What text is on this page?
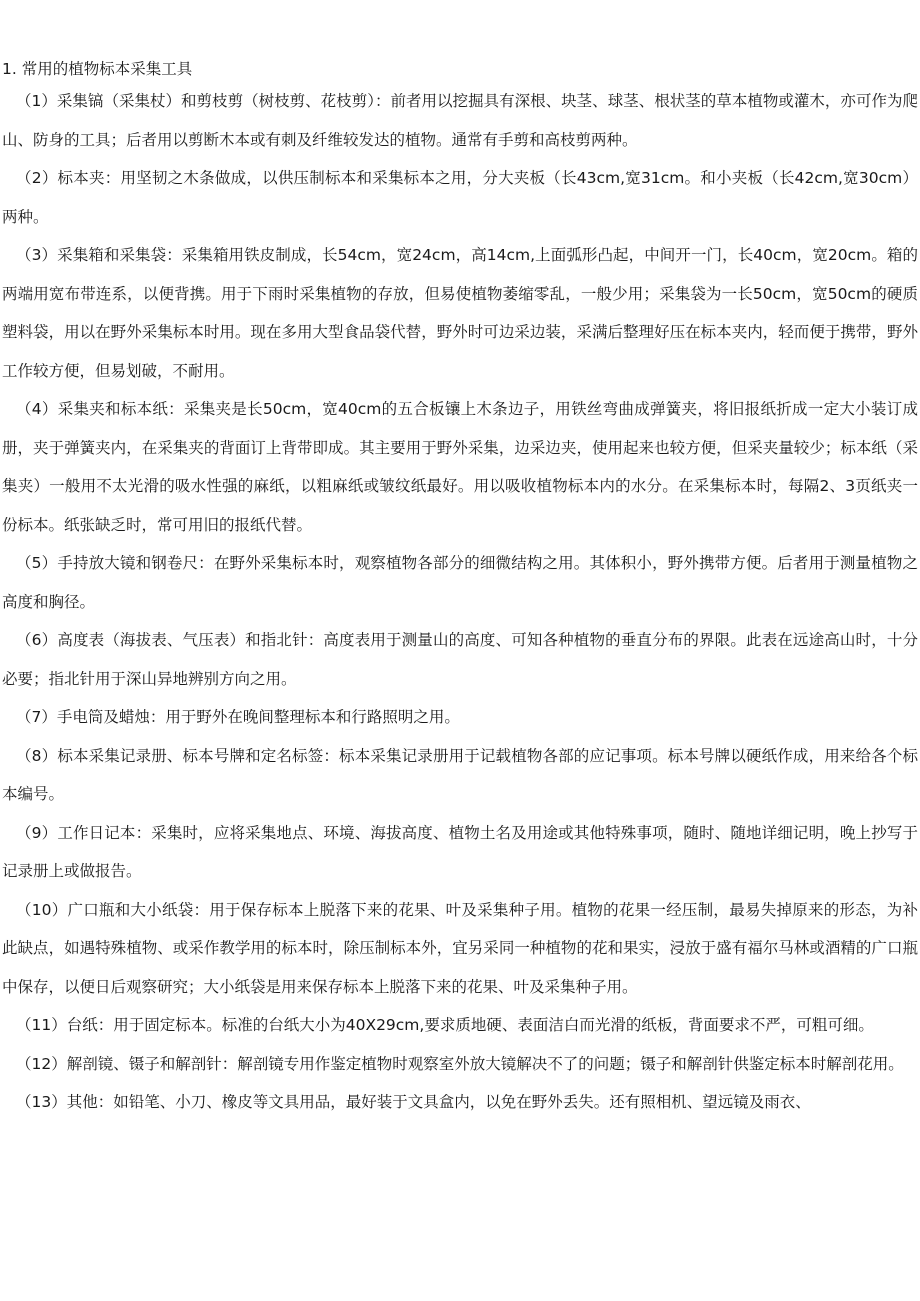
1. 常用的植物标本采集工具

（1）采集镐（采集杖）和剪枝剪（树枝剪、花枝剪）：前者用以挖掘具有深根、块茎、球茎、根状茎的草本植物或灌木，亦可作为爬山、防身的工具；后者用以剪断木本或有刺及纤维较发达的植物。通常有手剪和高枝剪两种。

（2）标本夹：用坚韧之木条做成，以供压制标本和采集标本之用，分大夹板（长43cm,宽31cm。和小夹板（长42cm,宽30cm）两种。

（3）采集箱和采集袋：采集箱用铁皮制成，长54cm，宽24cm，高14cm,上面弧形凸起，中间开一门，长40cm，宽20cm。箱的两端用宽布带连系，以便背携。用于下雨时采集植物的存放，但易使植物萎缩零乱，一般少用；采集袋为一长50cm，宽50cm的硬质塑料袋，用以在野外采集标本时用。现在多用大型食品袋代替，野外时可边采边装，采满后整理好压在标本夹内，轻而便于携带，野外工作较方便，但易划破，不耐用。

（4）采集夹和标本纸：采集夹是长50cm，宽40cm的五合板镶上木条边子，用铁丝弯曲成弹簧夹，将旧报纸折成一定大小装订成册，夹于弹簧夹内，在采集夹的背面订上背带即成。其主要用于野外采集，边采边夹，使用起来也较方便，但采夹量较少；标本纸（采集夹）一般用不太光滑的吸水性强的麻纸，以粗麻纸或皱纹纸最好。用以吸收植物标本内的水分。在采集标本时，每隔2、3页纸夹一份标本。纸张缺乏时，常可用旧的报纸代替。

（5）手持放大镜和钢卷尺：在野外采集标本时，观察植物各部分的细微结构之用。其体积小，野外携带方便。后者用于测量植物之高度和胸径。

（6）高度表（海拔表、气压表）和指北针：高度表用于测量山的高度、可知各种植物的垂直分布的界限。此表在远途高山时，十分必要；指北针用于深山异地辨别方向之用。

（7）手电筒及蜡烛：用于野外在晚间整理标本和行路照明之用。

（8）标本采集记录册、标本号牌和定名标签：标本采集记录册用于记载植物各部的应记事项。标本号牌以硬纸作成，用来给各个标本编号。

（9）工作日记本：采集时，应将采集地点、环境、海拔高度、植物土名及用途或其他特殊事项，随时、随地详细记明，晚上抄写于记录册上或做报告。

（10）广口瓶和大小纸袋：用于保存标本上脱落下来的花果、叶及采集种子用。植物的花果一经压制，最易失掉原来的形态，为补此缺点，如遇特殊植物、或采作教学用的标本时，除压制标本外，宜另采同一种植物的花和果实，浸放于盛有福尔马林或酒精的广口瓶中保存，以便日后观察研究；大小纸袋是用来保存标本上脱落下来的花果、叶及采集种子用。

（11）台纸：用于固定标本。标准的台纸大小为40X29cm,要求质地硬、表面洁白而光滑的纸板，背面要求不严，可粗可细。

（12）解剖镜、镊子和解剖针：解剖镜专用作鉴定植物时观察室外放大镜解决不了的问题；镊子和解剖针供鉴定标本时解剖花用。

（13）其他：如铅笔、小刀、橡皮等文具用品，最好装于文具盒内，以免在野外丢失。还有照相机、望远镜及雨衣、
